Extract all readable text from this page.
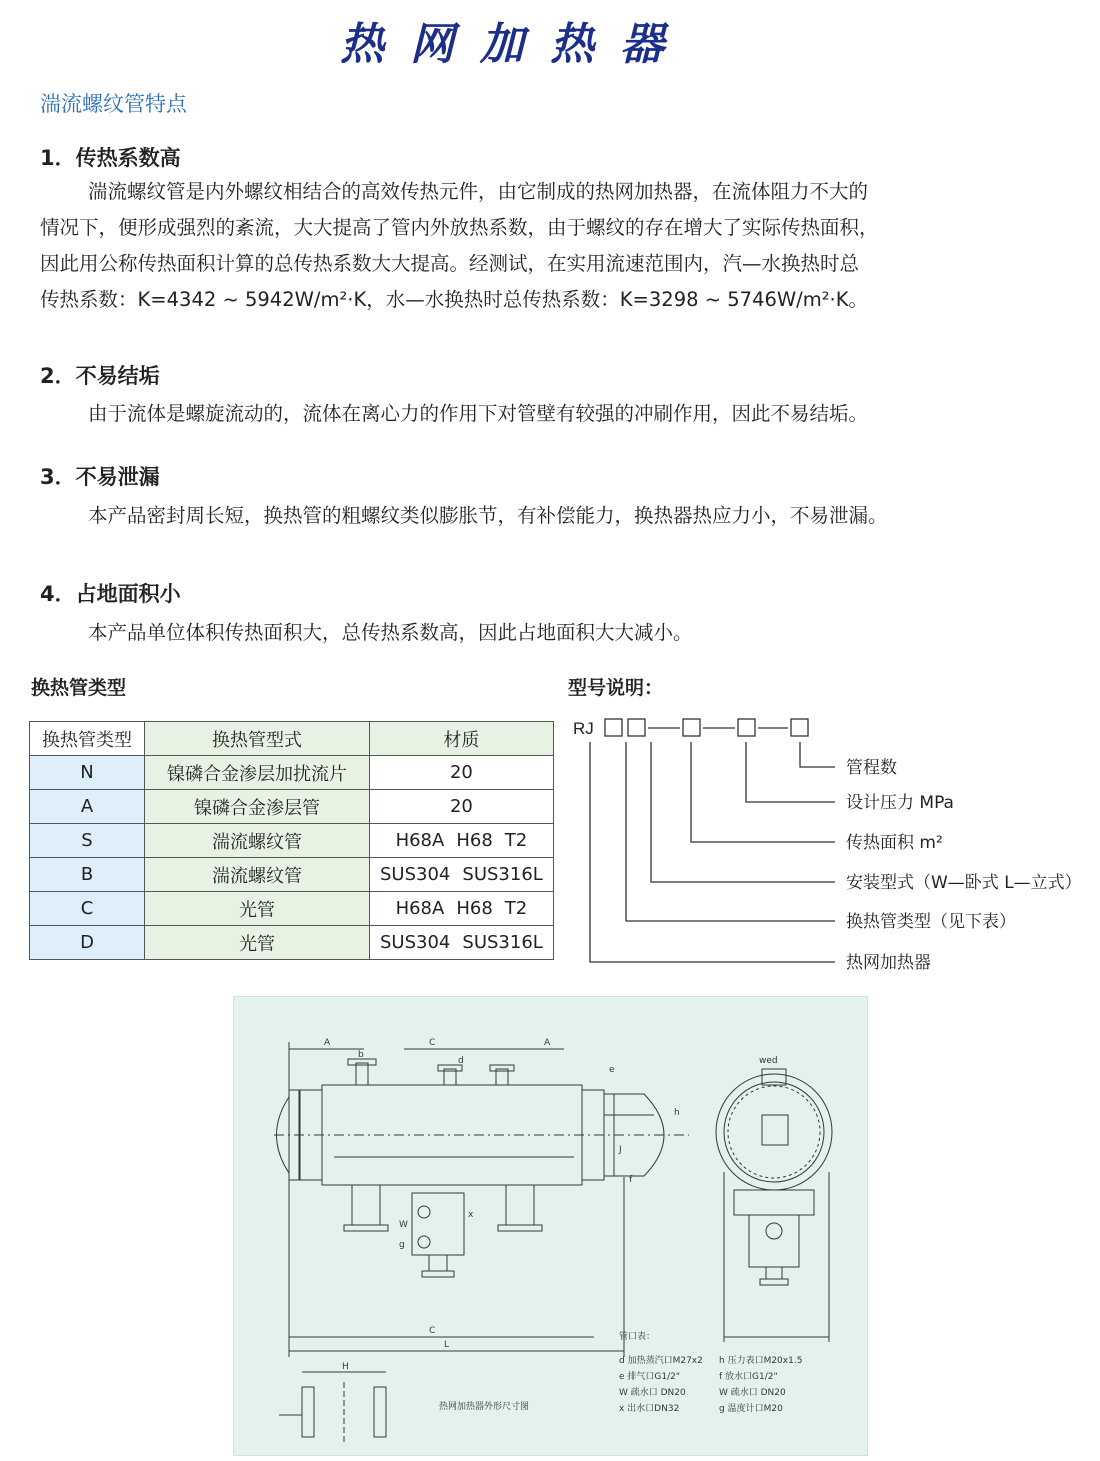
热网加热器
湍流螺纹管特点
1．传热系数高
湍流螺纹管是内外螺纹相结合的高效传热元件，由它制成的热网加热器，在流体阻力不大的
情况下，便形成强烈的紊流，大大提高了管内外放热系数，由于螺纹的存在增大了实际传热面积，
因此用公称传热面积计算的总传热系数大大提高。经测试，在实用流速范围内，汽—水换热时总
传热系数：K=4342 ~ 5942W/m²·K，水—水换热时总传热系数：K=3298 ~ 5746W/m²·K。
2．不易结垢
由于流体是螺旋流动的，流体在离心力的作用下对管壁有较强的冲刷作用，因此不易结垢。
3．不易泄漏
本产品密封周长短，换热管的粗螺纹类似膨胀节，有补偿能力，换热器热应力小，不易泄漏。
4．占地面积小
本产品单位体积传热面积大，总传热系数高，因此占地面积大大减小。
换热管类型	型号说明：
换热管类型	换热管型式	材质
N	镍磷合金渗层加扰流片	20
A	镍磷合金渗层管	20
S	湍流螺纹管	H68A H68 T2
B	湍流螺纹管	SUS304 SUS316L
C	光管	H68A H68 T2
D	光管	SUS304 SUS316L
RJ
管程数
设计压力 MPa
传热面积 m²
安装型式（W—卧式 L—立式）
换热管类型（见下表）
热网加热器
A	C	A
L
C
H
b
d
h
e
f
J
W
x
g
wed
管口表：
d 加热蒸汽口M27x2
e 排气口G1/2"
W 疏水口 DN20
x 出水口DN32
h 压力表口M20x1.5
f 放水口G1/2"
W 疏水口 DN20
g 温度计口M20
热网加热器外形尺寸图
